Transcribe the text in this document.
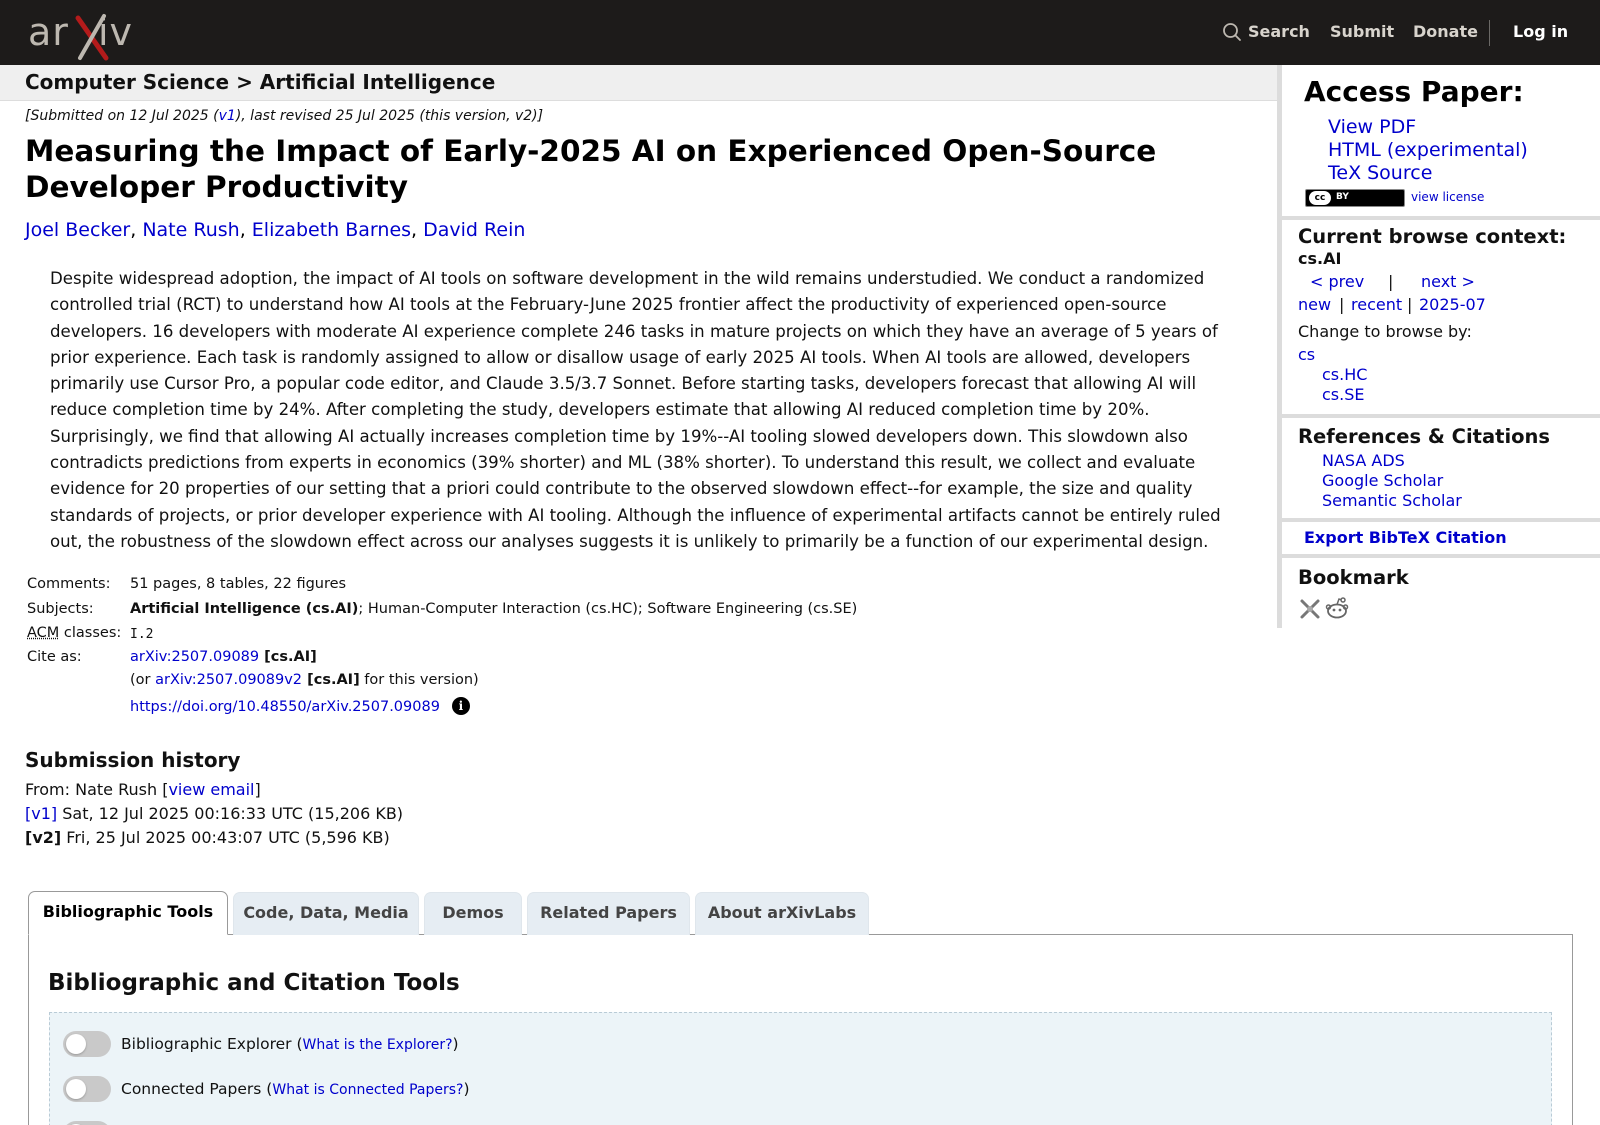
ar iv	Search Submit Donate Log in
Computer Science > Artificial Intelligence
[Submitted on 12 Jul 2025 (v1), last revised 25 Jul 2025 (this version, v2)]
Measuring the Impact of Early-2025 AI on Experienced Open-Source Developer Productivity
Joel Becker, Nate Rush, Elizabeth Barnes, David Rein
Despite widespread adoption, the impact of AI tools on software development in the wild remains understudied. We conduct a randomized controlled trial (RCT) to understand how AI tools at the February-June 2025 frontier affect the productivity of experienced open-source developers. 16 developers with moderate AI experience complete 246 tasks in mature projects on which they have an average of 5 years of prior experience. Each task is randomly assigned to allow or disallow usage of early 2025 AI tools. When AI tools are allowed, developers primarily use Cursor Pro, a popular code editor, and Claude 3.5/3.7 Sonnet. Before starting tasks, developers forecast that allowing AI will reduce completion time by 24%. After completing the study, developers estimate that allowing AI reduced completion time by 20%. Surprisingly, we find that allowing AI actually increases completion time by 19%--AI tooling slowed developers down. This slowdown also contradicts predictions from experts in economics (39% shorter) and ML (38% shorter). To understand this result, we collect and evaluate evidence for 20 properties of our setting that a priori could contribute to the observed slowdown effect--for example, the size and quality standards of projects, or prior developer experience with AI tooling. Although the influence of experimental artifacts cannot be entirely ruled out, the robustness of the slowdown effect across our analyses suggests it is unlikely to primarily be a function of our experimental design.
Comments: 51 pages, 8 tables, 22 figures
Subjects:	Artificial Intelligence (cs.AI); Human-Computer Interaction (cs.HC); Software Engineering (cs.SE)
ACM classes: I.2
Cite as:	arXiv:2507.09089 [cs.AI]
(or arXiv:2507.09089v2 [cs.AI] for this version)
https://doi.org/10.48550/arXiv.2507.09089 i
Submission history
From: Nate Rush [view email]
[v1] Sat, 12 Jul 2025 00:16:33 UTC (15,206 KB)
[v2] Fri, 25 Jul 2025 00:43:07 UTC (5,596 KB)
Bibliographic Tools	Code, Data, Media	Demos	Related Papers	About arXivLabs
Bibliographic and Citation Tools
Bibliographic Explorer (What is the Explorer?)
Connected Papers (What is Connected Papers?)
Access Paper:
View PDF
HTML (experimental)
TeX Source
cc	BY	view license
Current browse context:
cs.AI
< prev | next >
new | recent | 2025-07
Change to browse by:
cs
cs.HC
cs.SE
References & Citations
NASA ADS
Google Scholar
Semantic Scholar
Export BibTeX Citation
Bookmark
